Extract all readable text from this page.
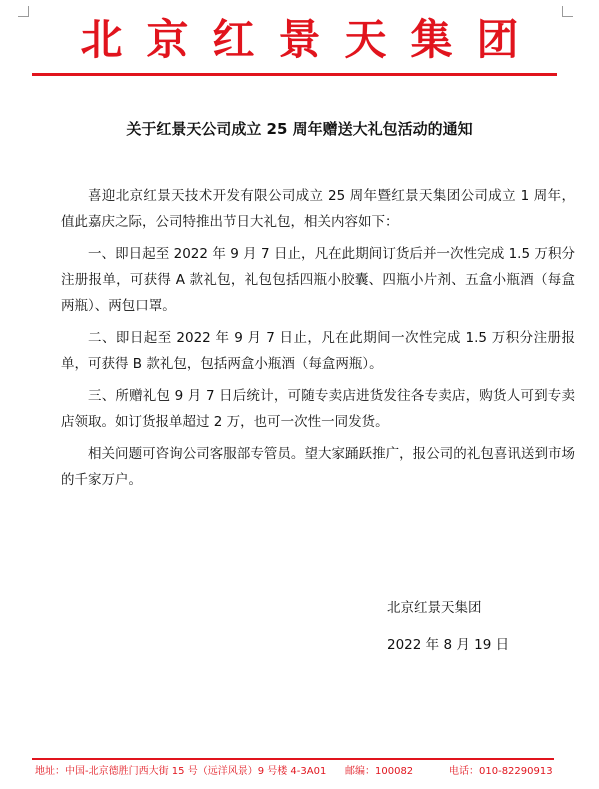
北京红景天集团
关于红景天公司成立 25 周年赠送大礼包活动的通知

喜迎北京红景天技术开发有限公司成立 25 周年暨红景天集团公司成立 1 周年，值此嘉庆之际，公司特推出节日大礼包，相关内容如下：

一、即日起至 2022 年 9 月 7 日止，凡在此期间订货后并一次性完成 1.5 万积分注册报单，可获得 A 款礼包，礼包包括四瓶小胶囊、四瓶小片剂、五盒小瓶酒（每盒两瓶）、两包口罩。

二、即日起至 2022 年 9 月 7 日止，凡在此期间一次性完成 1.5 万积分注册报单，可获得 B 款礼包，包括两盒小瓶酒（每盒两瓶）。

三、所赠礼包 9 月 7 日后统计，可随专卖店进货发往各专卖店，购货人可到专卖店领取。如订货报单超过 2 万，也可一次性一同发货。

相关问题可咨询公司客服部专管员。望大家踊跃推广，报公司的礼包喜讯送到市场的千家万户。

北京红景天集团
2022 年 8 月 19 日
地址：中国-北京德胜门西大街 15 号（远洋风景）9 号楼 4-3A01 邮编：100082	电话：010-82290913
